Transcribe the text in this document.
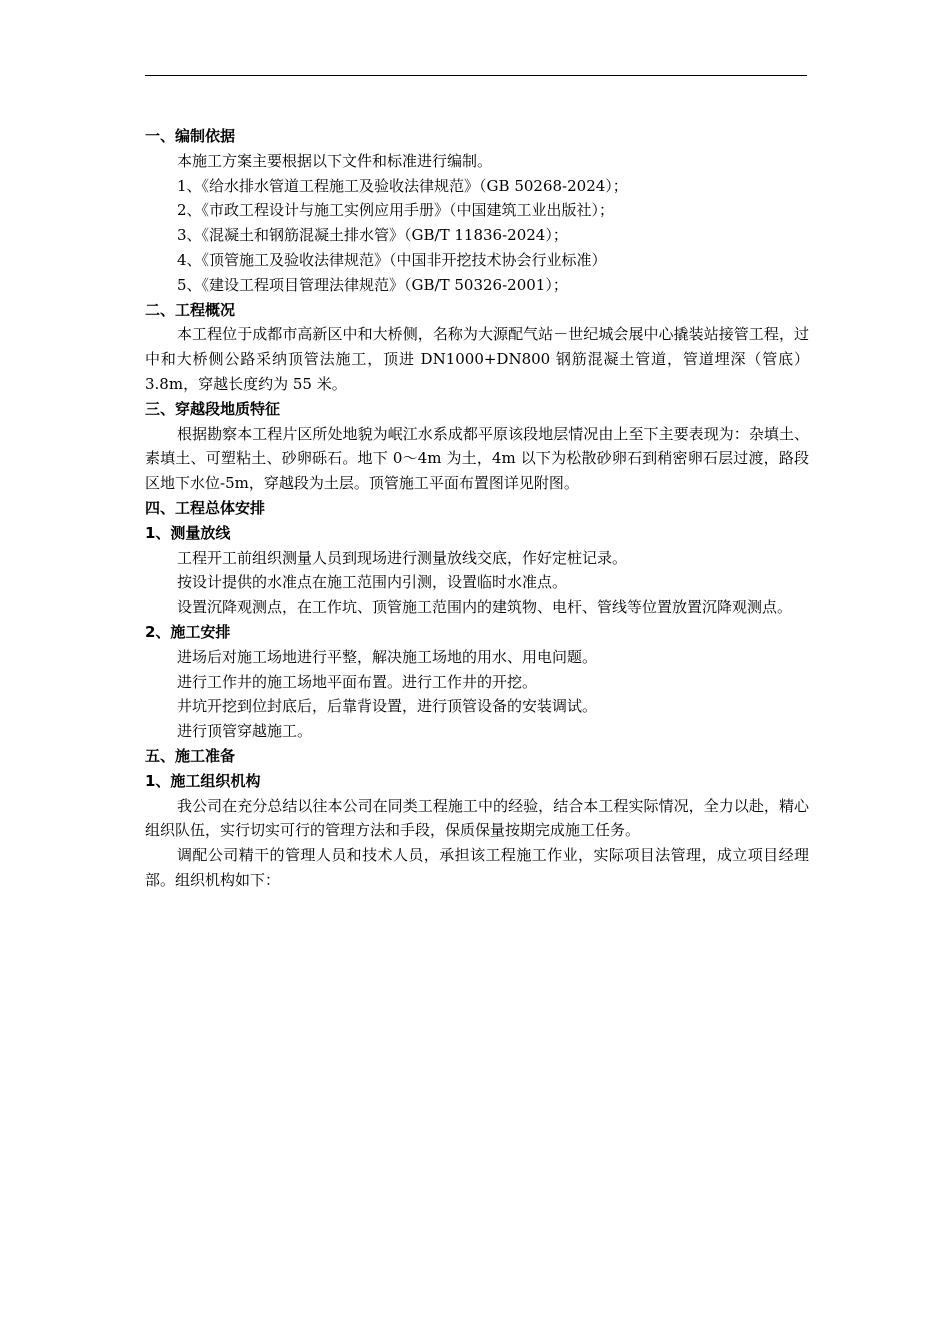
一、编制依据

本施工方案主要根据以下文件和标准进行编制。

1、《给水排水管道工程施工及验收法律规范》（GB 50268-2024）；

2、《市政工程设计与施工实例应用手册》（中国建筑工业出版社）；

3、《混凝土和钢筋混凝土排水管》（GB/T 11836-2024）；

4、《顶管施工及验收法律规范》（中国非开挖技术协会行业标准）

5、《建设工程项目管理法律规范》（GB/T 50326-2001）；

二、工程概况

本工程位于成都市高新区中和大桥侧，名称为大源配气站－世纪城会展中心撬装站接管工程，过中和大桥侧公路采纳顶管法施工，顶进 DN1000+DN800 钢筋混凝土管道，管道埋深（管底）3.8m，穿越长度约为 55 米。

三、穿越段地质特征

根据勘察本工程片区所处地貌为岷江水系成都平原该段地层情况由上至下主要表现为：杂填土、素填土、可塑粘土、砂卵砾石。地下 0～4m 为土，4m 以下为松散砂卵石到稍密卵石层过渡，路段区地下水位-5m，穿越段为土层。顶管施工平面布置图详见附图。

四、工程总体安排

1、测量放线

工程开工前组织测量人员到现场进行测量放线交底，作好定桩记录。

按设计提供的水准点在施工范围内引测，设置临时水准点。

设置沉降观测点，在工作坑、顶管施工范围内的建筑物、电杆、管线等位置放置沉降观测点。

2、施工安排

进场后对施工场地进行平整，解决施工场地的用水、用电问题。

进行工作井的施工场地平面布置。进行工作井的开挖。

井坑开挖到位封底后，后靠背设置，进行顶管设备的安装调试。

进行顶管穿越施工。

五、施工准备

1、施工组织机构

我公司在充分总结以往本公司在同类工程施工中的经验，结合本工程实际情况，全力以赴，精心组织队伍，实行切实可行的管理方法和手段，保质保量按期完成施工任务。

调配公司精干的管理人员和技术人员，承担该工程施工作业，实际项目法管理，成立项目经理部。组织机构如下：
